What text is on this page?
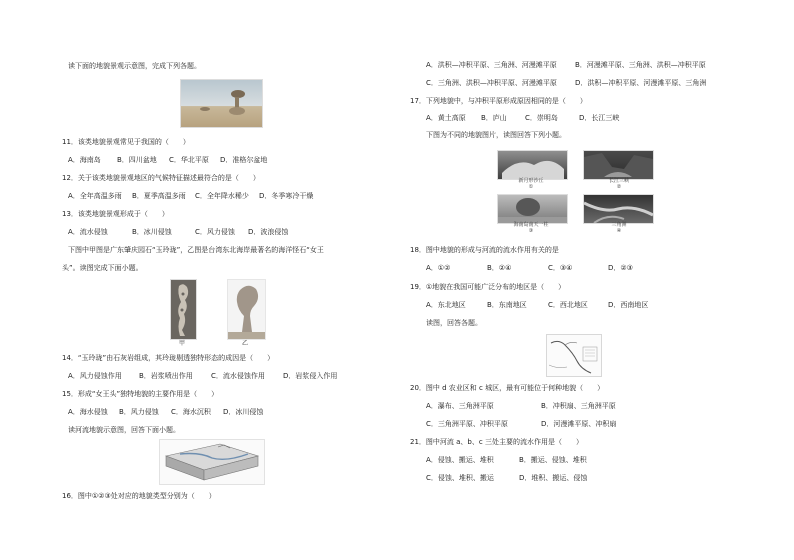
读下面的地貌景观示意图，完成下列各题。
11．该类地貌景观常见于我国的（　　）
A．海南岛 B．四川盆地 C．华北平原 D．准格尔盆地
12．关于该类地貌景观地区的气候特征描述最符合的是（　　）
A．全年高温多雨 B．夏季高温多雨 C．全年降水稀少 D．冬季寒冷干燥
13．该类地貌景观形成于（　　）
A．流水侵蚀	B．冰川侵蚀	C．风力侵蚀 D．波浪侵蚀
下图中甲图是广东肇庆园石“玉玲珑”，乙图是台湾东北海岸最著名的海洋怪石“女王
头”。读图完成下面小题。
甲	乙
14．“玉玲珑”由石灰岩组成，其玲珑剔透独特形态的成因是（　　）
A．风力侵蚀作用 B．岩浆喷出作用	C．流水侵蚀作用	D．岩浆侵入作用
15．形成“女王头”独特地貌的主要作用是（　　）
A．海水侵蚀 B．风力侵蚀 C．海水沉积 D．冰川侵蚀
读河流地貌示意图，回答下面小题。
16．图中①②③处对应的地貌类型分别为（　　）
A．洪积—冲积平原、三角洲、河漫滩平原	B．河漫滩平原、三角洲、洪积—冲积平原
C．三角洲、洪积—冲积平原、河漫滩平原	D．洪积—冲积平原、河漫滩平原、三角洲
17．下列地貌中，与冲积平原形成原因相同的是（　　）
A．黄土高原 B．庐山	C．崇明岛	D．长江三峡
下图为不同的地貌图片，读图回答下列小题。
新月形沙丘
①
长江三峡
②
海南岛南天一柱
③
三角洲
④
18．图中地貌的形成与河流的流水作用有关的是
A．①②	B．②④	C．③④	D．②③
19．①地貌在我国可能广泛分布的地区是（　　）
A．东北地区	B．东南地区	C．西北地区	D．西南地区
读图，回答各题。
20．图中 d 农业区和 c 城区，最有可能位于何种地貌（　　）
A．瀑布、三角洲平原	B．冲积扇、三角洲平原
C．三角洲平原、冲积平原	D．河漫滩平原、冲积扇
21．图中河流 a、b、c 三处主要的流水作用是（　　）
A．侵蚀、搬运、堆积	B．搬运、侵蚀、堆积
C．侵蚀、堆积、搬运	D．堆积、搬运、侵蚀
